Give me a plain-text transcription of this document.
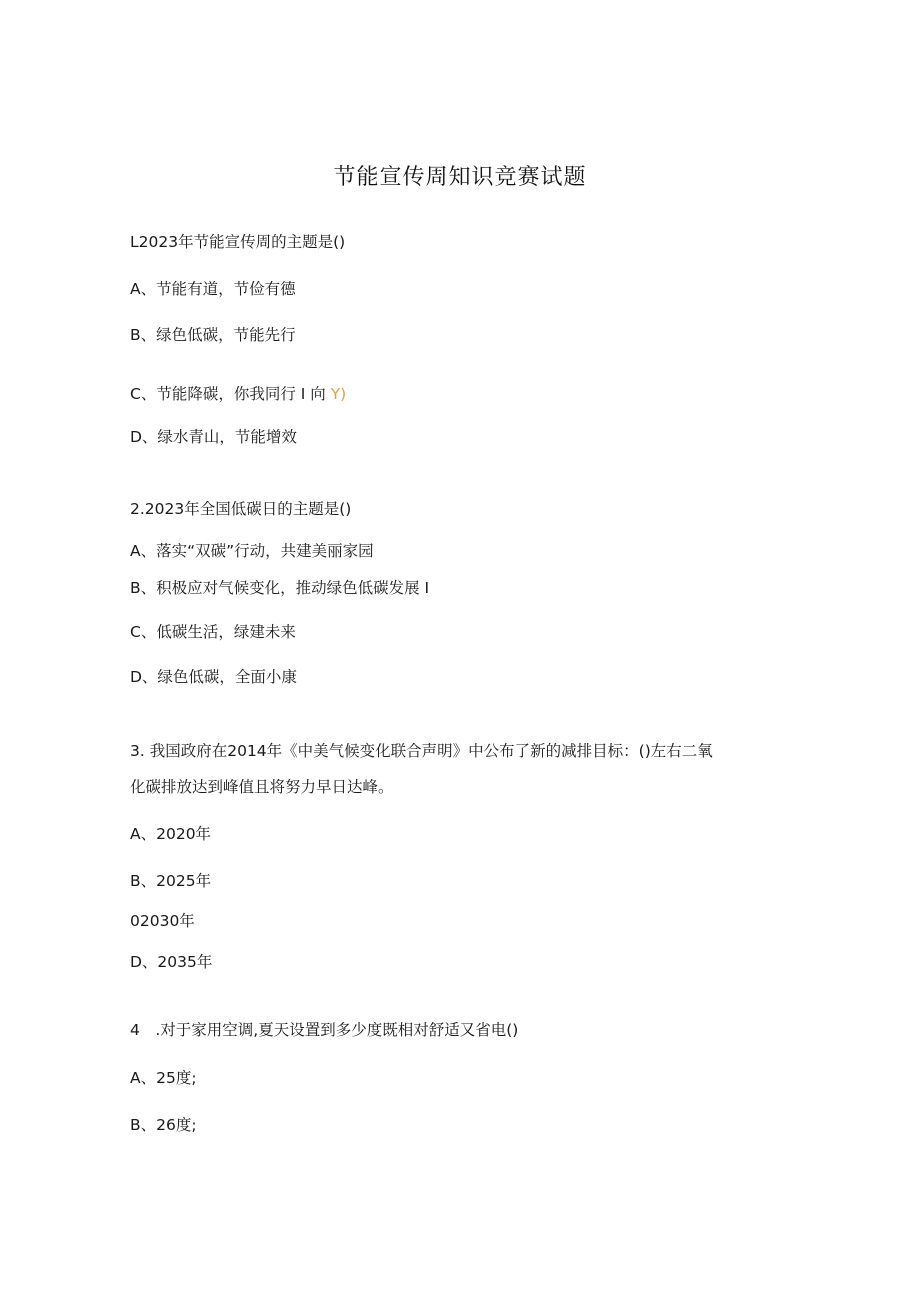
节能宣传周知识竞赛试题
L2023年节能宣传周的主题是()
A、节能有道，节俭有德
B、绿色低碳，节能先行
C、节能降碳，你我同行 I 向 Y)
D、绿水青山，节能增效
2.2023年全国低碳日的主题是()
A、落实“双碳”行动，共建美丽家园
B、积极应对气候变化，推动绿色低碳发展 I
C、低碳生活，绿建未来
D、绿色低碳，全面小康
3. 我国政府在2014年《中美气候变化联合声明》中公布了新的减排目标：()左右二氧
化碳排放达到峰值且将努力早日达峰。
A、2020年
B、2025年
02030年
D、2035年
4　.对于家用空调,夏天设置到多少度既相对舒适又省电()
A、25度;
B、26度;
